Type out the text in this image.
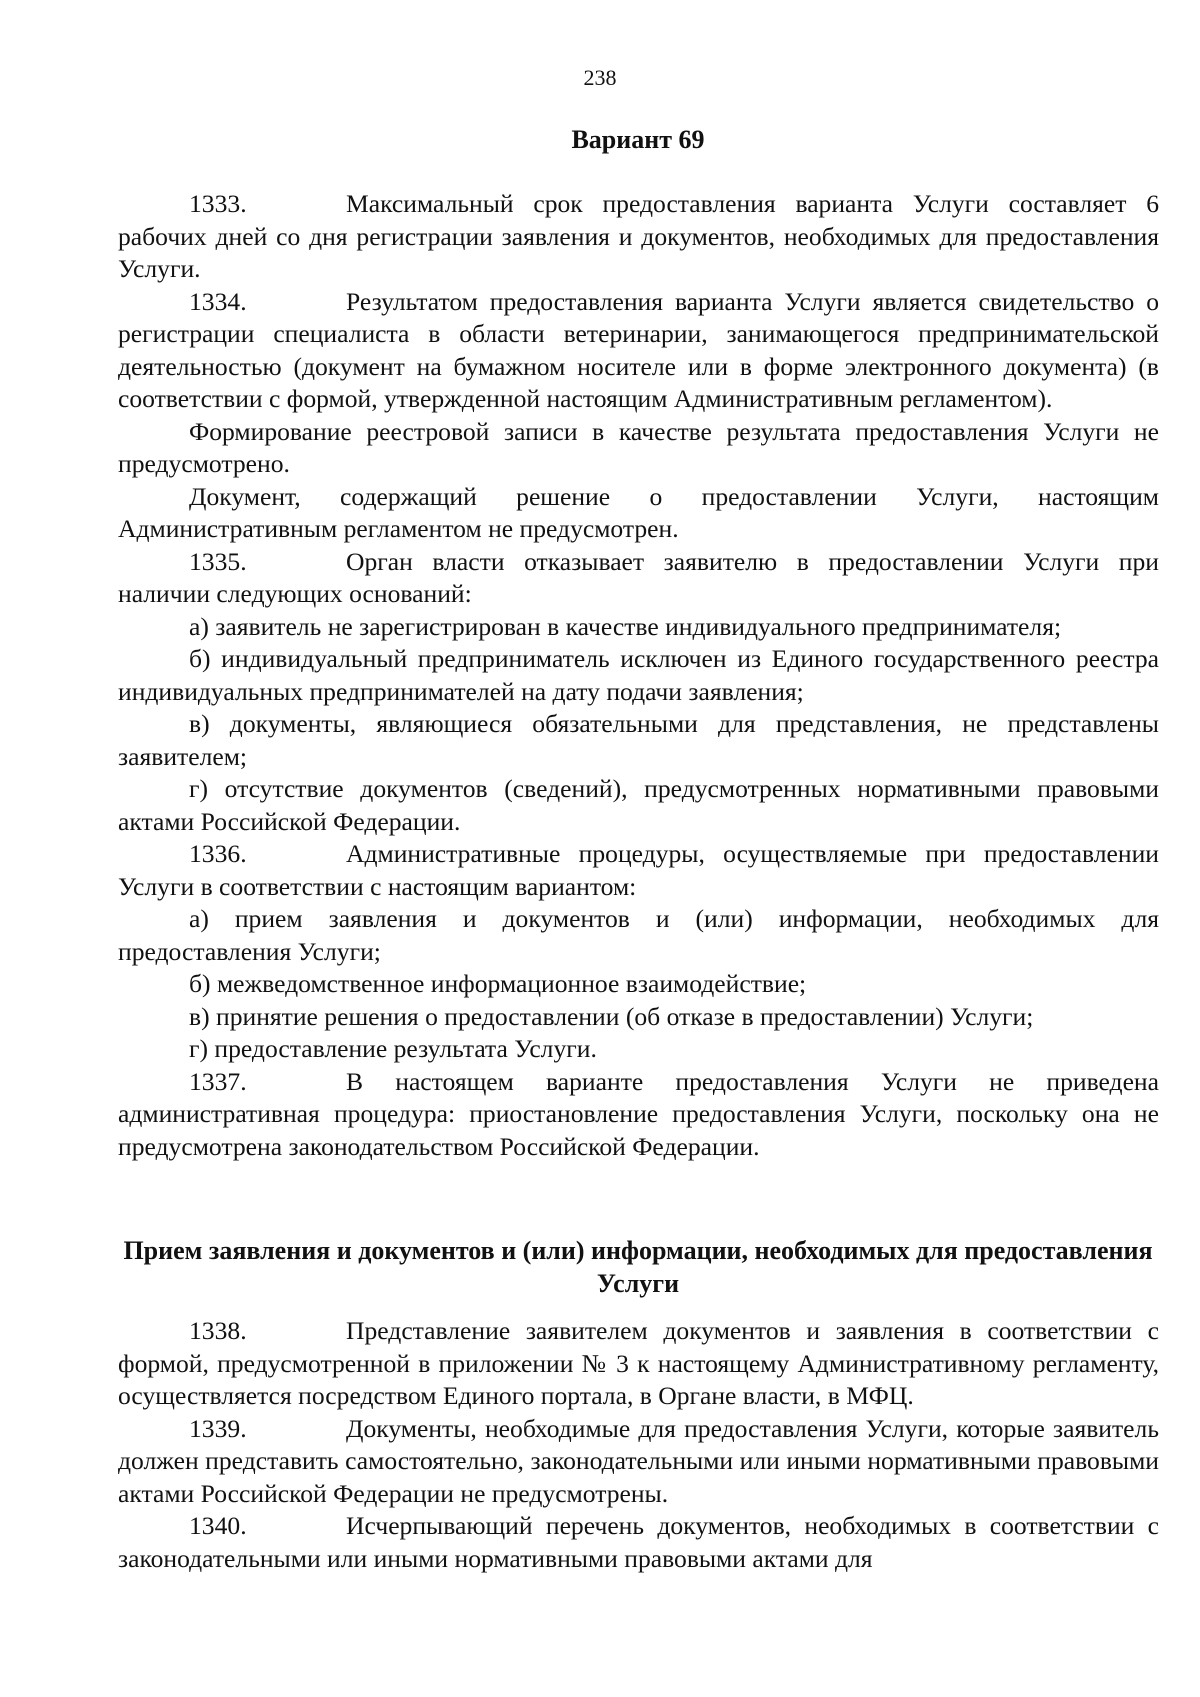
238
Вариант 69

1333.	Максимальный срок предоставления варианта Услуги составляет 6 рабочих дней со дня регистрации заявления и документов, необходимых для предоставления Услуги.

1334.	Результатом предоставления варианта Услуги является свидетельство о регистрации специалиста в области ветеринарии, занимающегося предпринимательской деятельностью (документ на бумажном носителе или в форме электронного документа) (в соответствии с формой, утвержденной настоящим Административным регламентом).

Формирование реестровой записи в качестве результата предоставления Услуги не предусмотрено.

Документ, содержащий решение о предоставлении Услуги, настоящим Административным регламентом не предусмотрен.

1335.	Орган власти отказывает заявителю в предоставлении Услуги при наличии следующих оснований:

а) заявитель не зарегистрирован в качестве индивидуального предпринимателя;

б) индивидуальный предприниматель исключен из Единого государственного реестра индивидуальных предпринимателей на дату подачи заявления;

в) документы, являющиеся обязательными для представления, не представлены заявителем;

г) отсутствие документов (сведений), предусмотренных нормативными правовыми актами Российской Федерации.

1336.	Административные процедуры, осуществляемые при предоставлении Услуги в соответствии с настоящим вариантом:

а) прием заявления и документов и (или) информации, необходимых для предоставления Услуги;

б) межведомственное информационное взаимодействие;

в) принятие решения о предоставлении (об отказе в предоставлении) Услуги;

г) предоставление результата Услуги.

1337.	В настоящем варианте предоставления Услуги не приведена административная процедура: приостановление предоставления Услуги, поскольку она не предусмотрена законодательством Российской Федерации.

Прием заявления и документов и (или) информации, необходимых для предоставления Услуги

1338.	Представление заявителем документов и заявления в соответствии с формой, предусмотренной в приложении № 3 к настоящему Административному регламенту, осуществляется посредством Единого портала, в Органе власти, в МФЦ.

1339.	Документы, необходимые для предоставления Услуги, которые заявитель должен представить самостоятельно, законодательными или иными нормативными правовыми актами Российской Федерации не предусмотрены.

1340.	Исчерпывающий перечень документов, необходимых в соответствии с законодательными или иными нормативными правовыми актами для
